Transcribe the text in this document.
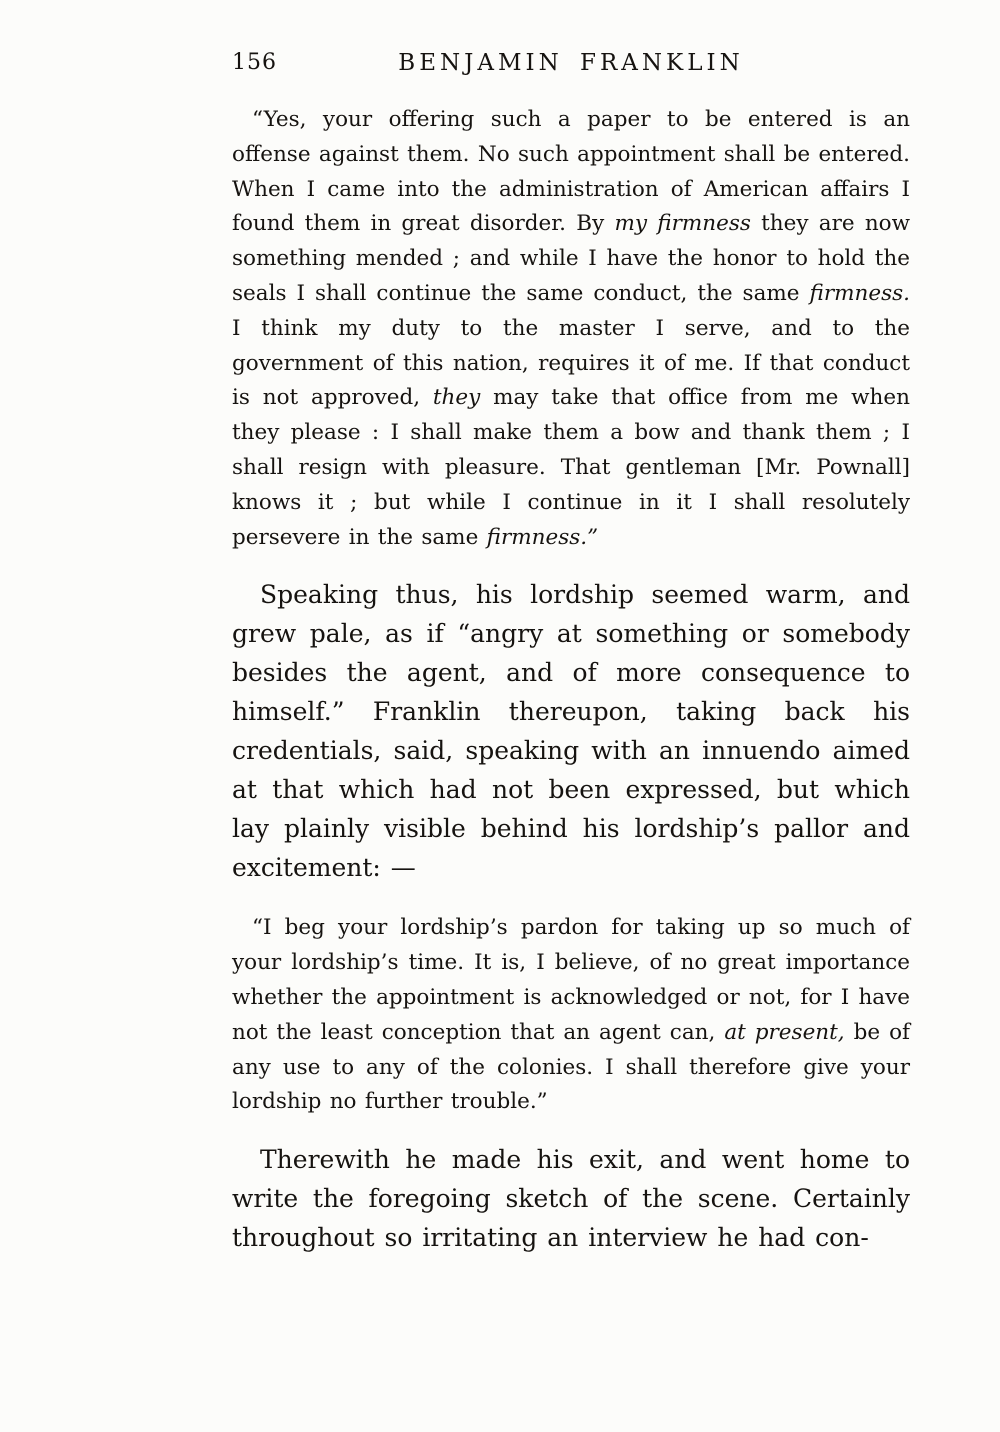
156	BENJAMIN FRANKLIN

“Yes, your offering such a paper to be entered is an offense against them. No such appointment shall be entered. When I came into the administration of American affairs I found them in great disorder. By my firmness they are now something mended ; and while I have the honor to hold the seals I shall continue the same conduct, the same firmness. I think my duty to the master I serve, and to the government of this nation, requires it of me. If that conduct is not approved, they may take that office from me when they please : I shall make them a bow and thank them ; I shall resign with pleasure. That gentleman [Mr. Pownall] knows it ; but while I continue in it I shall resolutely persevere in the same firmness.”

Speaking thus, his lordship seemed warm, and grew pale, as if “angry at something or somebody besides the agent, and of more consequence to himself.” Franklin thereupon, taking back his credentials, said, speaking with an innuendo aimed at that which had not been expressed, but which lay plainly visible behind his lordship’s pallor and excitement: —

“I beg your lordship’s pardon for taking up so much of your lordship’s time. It is, I believe, of no great importance whether the appointment is acknowledged or not, for I have not the least conception that an agent can, at present, be of any use to any of the colonies. I shall therefore give your lordship no further trouble.”

Therewith he made his exit, and went home to write the foregoing sketch of the scene. Certainly throughout so irritating an interview he had con-
